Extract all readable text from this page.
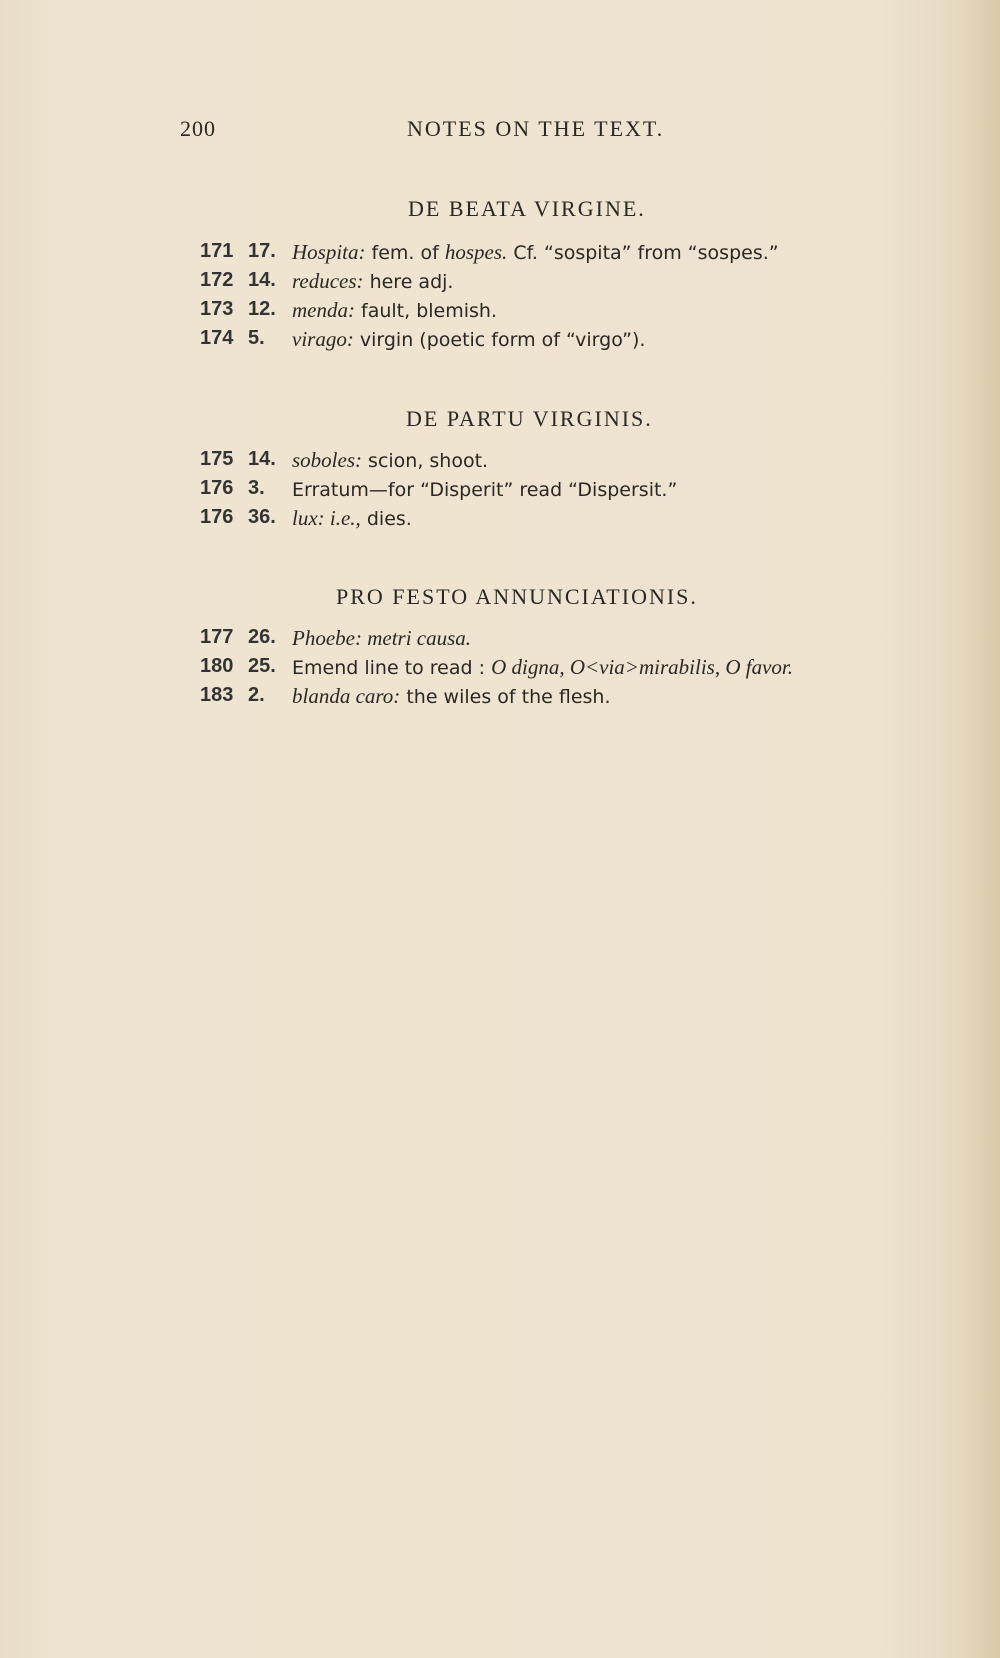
200	NOTES ON THE TEXT.
DE BEATA VIRGINE.
171 17. Hospita: fem. of hospes. Cf. “sospita” from “sospes.”
172 14. reduces: here adj.
173 12. menda: fault, blemish.
174 5. virago: virgin (poetic form of “virgo”).
DE PARTU VIRGINIS.
175 14. soboles: scion, shoot.
176 3. Erratum—for “Disperit” read “Dispersit.”
176 36. lux: i.e., dies.
PRO FESTO ANNUNCIATIONIS.
177 26. Phoebe: metri causa.
180 25. Emend line to read : O digna, O<via>mirabilis, O favor.
183 2. blanda caro: the wiles of the flesh.
